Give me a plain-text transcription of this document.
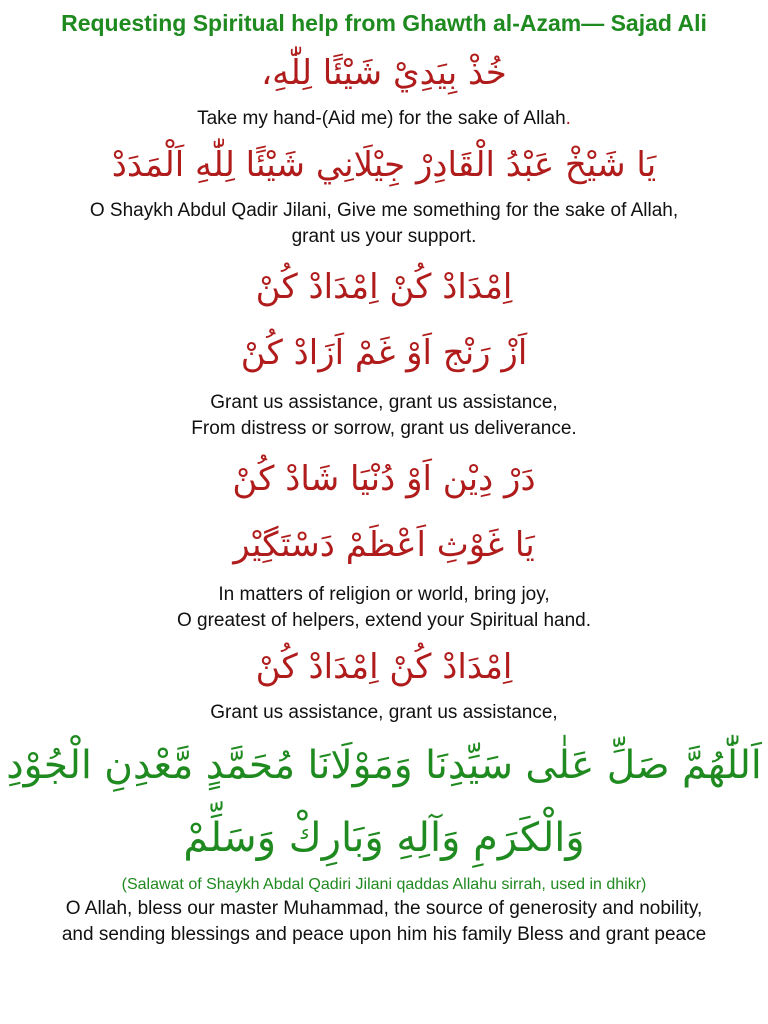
Requesting Spiritual help from Ghawth al-Azam— Sajad Ali
خُذْ بِيَدِيْ شَيْئًا لِلّٰهِ،

Take my hand-(Aid me) for the sake of Allah.

يَا شَيْخْ عَبْدُ الْقَادِرْ جِيْلَانِي شَيْئًا لِلّٰهِ اَلْمَدَدْ

O Shaykh Abdul Qadir Jilani, Give me something for the sake of Allah,

grant us your support.

اِمْدَادْ کُنْ اِمْدَادْ کُنْ
اَزْ رَنْج اَوْ غَمْ اَزَادْ کُنْ

Grant us assistance, grant us assistance,

From distress or sorrow, grant us deliverance.

دَرْ دِیْن اَوْ دُنْیَا شَادْ کُنْ
یَا غَوْثِ اَعْظَمْ دَسْتَگِیْر

In matters of religion or world, bring joy,

O greatest of helpers, extend your Spiritual hand.

اِمْدَادْ کُنْ اِمْدَادْ کُنْ

Grant us assistance, grant us assistance,

اَللّٰهُمَّ صَلِّ عَلٰى سَيِّدِنَا وَمَوْلَانَا مُحَمَّدٍ مَّعْدِنِ الْجُوْدِ
وَالْكَرَمِ وَآلِهِ وَبَارِكْ وَسَلِّمْ

(Salawat of Shaykh Abdal Qadiri Jilani qaddas Allahu sirrah, used in dhikr)

O Allah, bless our master Muhammad, the source of generosity and nobility,

and sending blessings and peace upon him his family Bless and grant peace
